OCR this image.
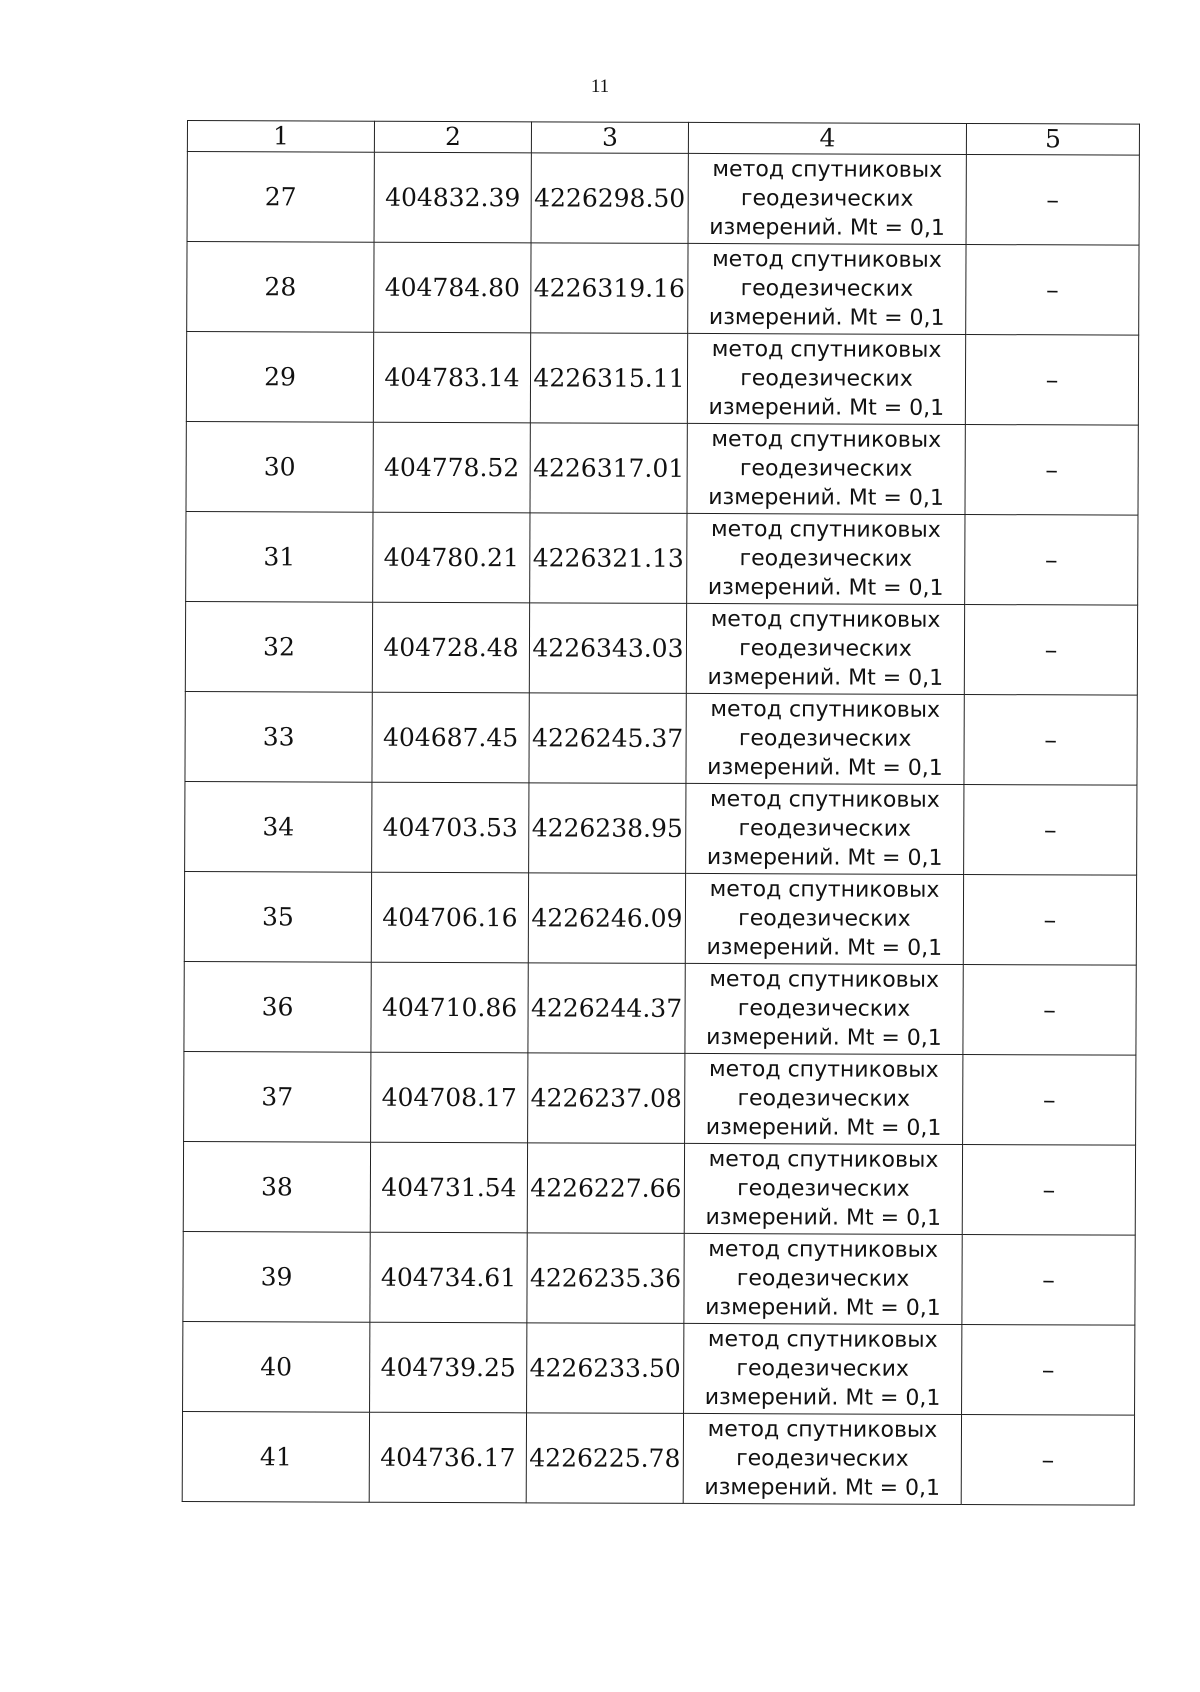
11
1	2	3	4	5
27	404832.39	4226298.50	метод спутниковых
геодезических
измерений. Mt = 0,1	–
28	404784.80	4226319.16	метод спутниковых
геодезических
измерений. Mt = 0,1	–
29	404783.14	4226315.11	метод спутниковых
геодезических
измерений. Mt = 0,1	–
30	404778.52	4226317.01	метод спутниковых
геодезических
измерений. Mt = 0,1	–
31	404780.21	4226321.13	метод спутниковых
геодезических
измерений. Mt = 0,1	–
32	404728.48	4226343.03	метод спутниковых
геодезических
измерений. Mt = 0,1	–
33	404687.45	4226245.37	метод спутниковых
геодезических
измерений. Mt = 0,1	–
34	404703.53	4226238.95	метод спутниковых
геодезических
измерений. Mt = 0,1	–
35	404706.16	4226246.09	метод спутниковых
геодезических
измерений. Mt = 0,1	–
36	404710.86	4226244.37	метод спутниковых
геодезических
измерений. Mt = 0,1	–
37	404708.17	4226237.08	метод спутниковых
геодезических
измерений. Mt = 0,1	–
38	404731.54	4226227.66	метод спутниковых
геодезических
измерений. Mt = 0,1	–
39	404734.61	4226235.36	метод спутниковых
геодезических
измерений. Mt = 0,1	–
40	404739.25	4226233.50	метод спутниковых
геодезических
измерений. Mt = 0,1	–
41	404736.17	4226225.78	метод спутниковых
геодезических
измерений. Mt = 0,1	–
